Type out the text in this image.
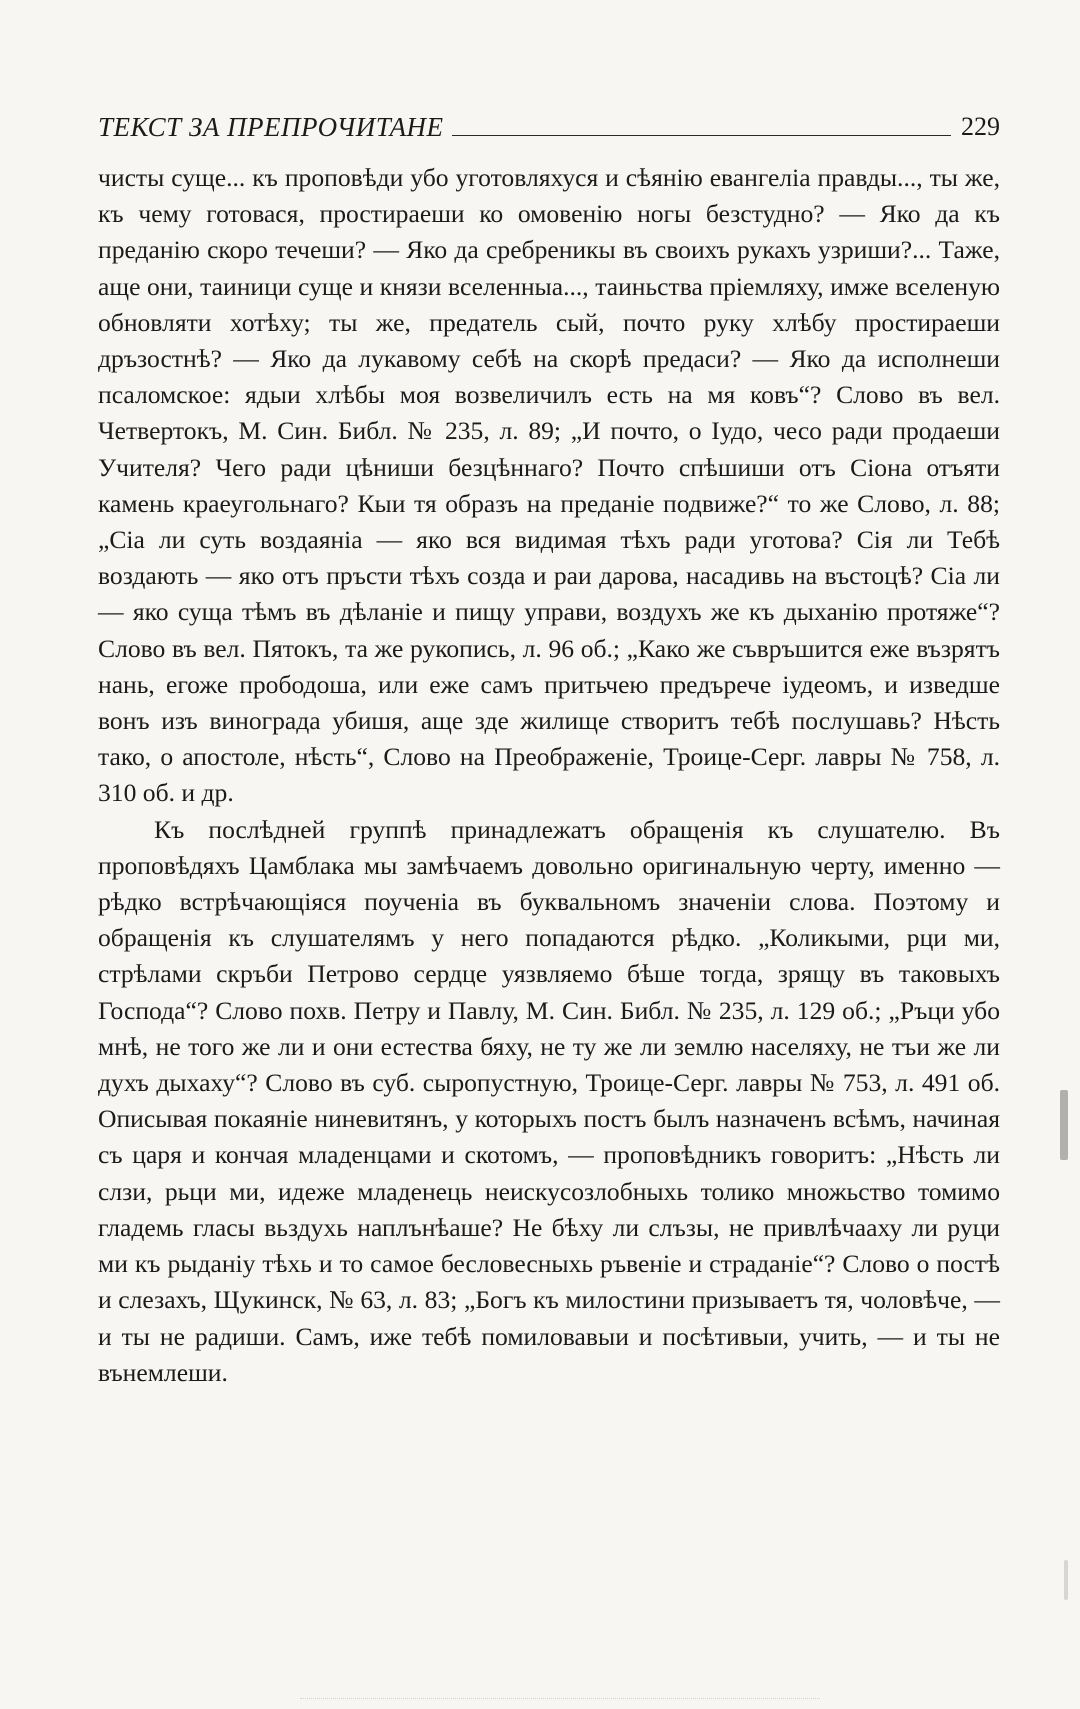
ТЕКСТ ЗА ПРЕПРОЧИТАНЕ	229

чисты суще... къ проповѣди убо уготовляхуся и сѣянію евангеліа правды..., ты же, къ чему готовася, простираеши ко омовенію ногы безстудно? — Яко да къ преданію скоро течеши? — Яко да сребреникы въ своихъ рукахъ узриши?... Таже, аще они, таиници суще и князи вселенныа..., таиньства пріемляху, имже вселеную обновляти хотѣху; ты же, предатель сый, почто руку хлѣбу простираеши дръзостнѣ? — Яко да лукавому себѣ на скорѣ предаси? — Яко да исполнеши псаломское: ядыи хлѣбы моя возвеличилъ есть на мя ковъ“? Слово въ вел. Четвертокъ, М. Син. Библ. № 235, л. 89; „И почто, о Іудо, чесо ради продаеши Учителя? Чего ради цѣниши безцѣннаго? Почто спѣшиши отъ Сіона отъяти камень краеугольнаго? Кыи тя образъ на преданіе подвиже?“ то же Слово, л. 88; „Сіа ли суть воздаяніа — яко вся видимая тѣхъ ради уготова? Сія ли Тебѣ воздають — яко отъ пръсти тѣхъ созда и раи дарова, насадивь на въстоцѣ? Сіа ли — яко суща тѣмъ въ дѣланіе и пищу управи, воздухъ же къ дыханію протяже“? Слово въ вел. Пятокъ, та же рукопись, л. 96 об.; „Како же съвръшится еже възрятъ нань, егоже прободоша, или еже самъ притьчею предърече іудеомъ, и изведше вонъ изъ винограда убишя, аще зде жилище створитъ тебѣ послушавь? Нѣсть тако, о апостоле, нѣсть“, Слово на Преображеніе, Троице-Серг. лавры № 758, л. 310 об. и др.

Къ послѣдней группѣ принадлежатъ обращенія къ слушателю. Въ проповѣдяхъ Цамблака мы замѣчаемъ довольно оригинальную черту, именно — рѣдко встрѣчающіяся поученіа въ буквальномъ значеніи слова. Поэтому и обращенія къ слушателямъ у него попадаются рѣдко. „Коликыми, рци ми, стрѣлами скръби Петрово сердце уязвляемо бѣше тогда, зрящу въ таковыхъ Господа“? Слово похв. Петру и Павлу, М. Син. Библ. № 235, л. 129 об.; „Ръци убо мнѣ, не того же ли и они естества бяху, не ту же ли землю населяху, не тъи же ли духъ дыхаху“? Слово въ суб. сыропустную, Троице-Серг. лавры № 753, л. 491 об. Описывая покаяніе ниневитянъ, у которыхъ постъ былъ назначенъ всѣмъ, начиная съ царя и кончая младенцами и скотомъ, — проповѣдникъ говоритъ: „Нѣсть ли слзи, рьци ми, идеже младенець неискусозлобныхь толико множьство томимо гладемь гласы вьздухь наплънѣаше? Не бѣху ли слъзы, не привлѣчааху ли руци ми къ рыданіу тѣхь и то самое бесловесныхь ръвеніе и страданіе“? Слово о постѣ и слезахъ, Щукинск, № 63, л. 83; „Богъ къ милостини призываетъ тя, чоловѣче, — и ты не радиши. Самъ, иже тебѣ помиловавыи и посѣтивыи, учить, — и ты не вънемлеши.
